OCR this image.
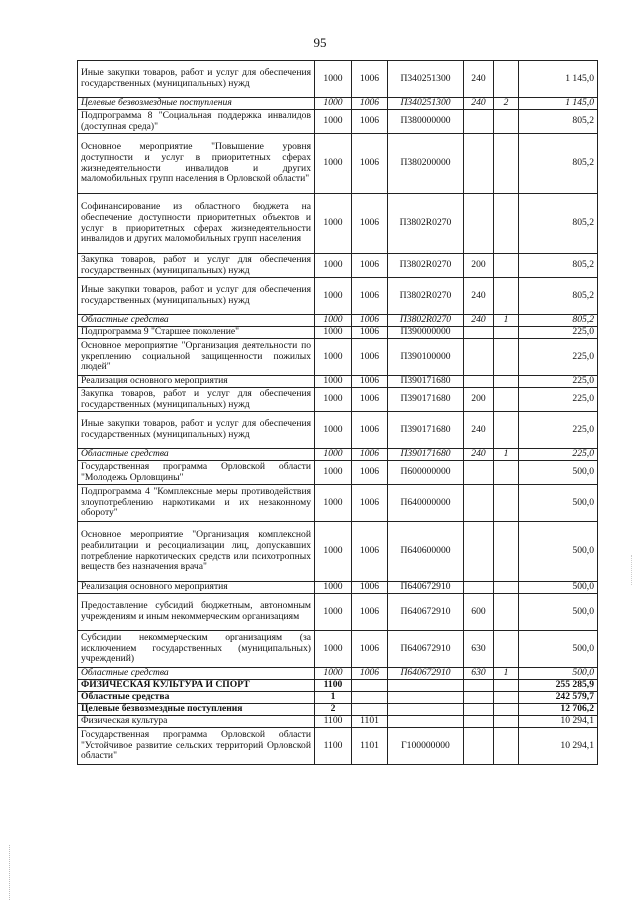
95
Иные закупки товаров, работ и услуг для обеспечения государственных (муниципальных) нужд	1000	1006	П340251300	240		1 145,0
Целевые безвозмездные поступления	1000	1006	П340251300	240	2	1 145,0
Подпрограмма 8 "Социальная поддержка инвалидов (доступная среда)"	1000	1006	П380000000			805,2
Основное мероприятие "Повышение уровня доступности и услуг в приоритетных сферах жизнедеятельности инвалидов и других маломобильных групп населения в Орловской области"	1000	1006	П380200000			805,2
Софинансирование из областного бюджета на обеспечение доступности приоритетных объектов и услуг в приоритетных сферах жизнедеятельности инвалидов и других маломобильных групп населения	1000	1006	П3802R0270			805,2
Закупка товаров, работ и услуг для обеспечения государственных (муниципальных) нужд	1000	1006	П3802R0270	200		805,2
Иные закупки товаров, работ и услуг для обеспечения государственных (муниципальных) нужд	1000	1006	П3802R0270	240		805,2
Областные средства	1000	1006	П3802R0270	240	1	805,2
Подпрограмма 9 "Старшее поколение"	1000	1006	П390000000			225,0
Основное мероприятие "Организация деятельности по укреплению социальной защищенности пожилых людей"	1000	1006	П390100000			225,0
Реализация основного мероприятия	1000	1006	П390171680			225,0
Закупка товаров, работ и услуг для обеспечения государственных (муниципальных) нужд	1000	1006	П390171680	200		225,0
Иные закупки товаров, работ и услуг для обеспечения государственных (муниципальных) нужд	1000	1006	П390171680	240		225,0
Областные средства	1000	1006	П390171680	240	1	225,0
Государственная программа Орловской области "Молодежь Орловщины"	1000	1006	П600000000			500,0
Подпрограмма 4 "Комплексные меры противодействия злоупотреблению наркотиками и их незаконному обороту"	1000	1006	П640000000			500,0
Основное мероприятие "Организация комплексной реабилитации и ресоциализации лиц, допускавших потребление наркотических средств или психотропных веществ без назначения врача"	1000	1006	П640600000			500,0
Реализация основного мероприятия	1000	1006	П640672910			500,0
Предоставление субсидий бюджетным, автономным учреждениям и иным некоммерческим организациям	1000	1006	П640672910	600		500,0
Субсидии некоммерческим организациям (за исключением государственных (муниципальных) учреждений)	1000	1006	П640672910	630		500,0
Областные средства	1000	1006	П640672910	630	1	500,0
ФИЗИЧЕСКАЯ КУЛЬТУРА И СПОРТ	1100					255 285,9
Областные средства	1					242 579,7
Целевые безвозмездные поступления	2					12 706,2
Физическая культура	1100	1101				10 294,1
Государственная программа Орловской области "Устойчивое развитие сельских территорий Орловской области"	1100	1101	Г100000000			10 294,1
